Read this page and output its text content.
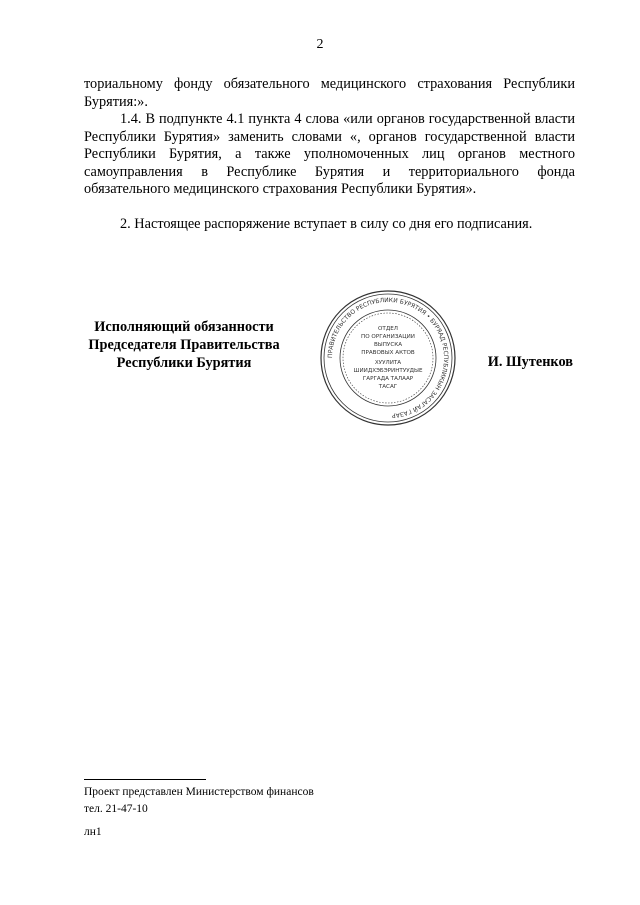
2

ториальному фонду обязательного медицинского страхования Республики Бурятия:».

1.4. В подпункте 4.1 пункта 4 слова «или органов государственной власти Республики Бурятия» заменить словами «, органов государственной власти Республики Бурятия, а также уполномоченных лиц органов местного самоуправления в Республике Бурятия и территориального фонда обязательного медицинского страхования Республики Бурятия».

2. Настоящее распоряжение вступает в силу со дня его подписания.

Исполняющий обязанности
Председателя Правительства
Республики Бурятия	ПРАВИТЕЛЬСТВО РЕСПУБЛИКИ БУРЯТИЯ • БУРЯАД РЕСПУБЛИКЫН ЗАСАГАЙ ГАЗАР
ОТДЕЛ
ПО ОРГАНИЗАЦИИ
ВЫПУСКА
ПРАВОВЫХ АКТОВ
ХУУЛИТА
ШИИДХЭБЭРИНТУУДЫЕ
ГАРГАДА ТАЛААР
ТАСАГ
И. Шутенков
Проект представлен Министерством финансов
тел. 21-47-10
лн1
